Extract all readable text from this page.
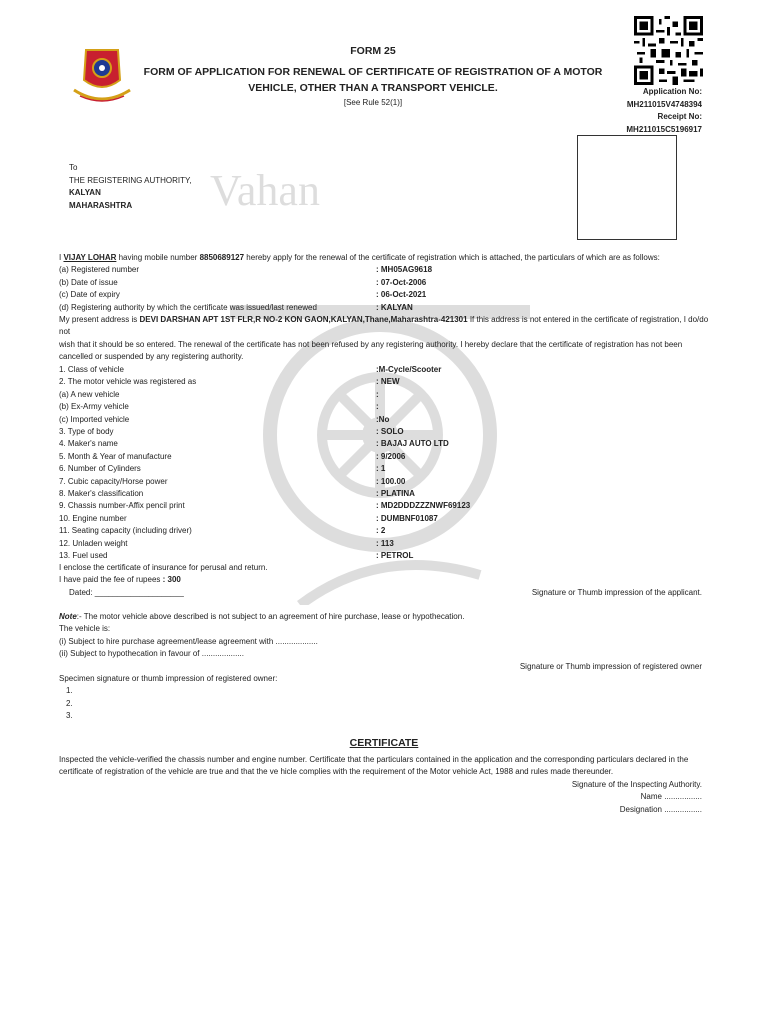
Vahan
FORM 25
FORM OF APPLICATION FOR RENEWAL OF CERTIFICATE OF REGISTRATION OF A MOTOR VEHICLE, OTHER THAN A TRANSPORT VEHICLE.
[See Rule 52(1)]
Application No:
MH211015V4748394
Receipt No:
MH211015C5196917
To
THE REGISTERING AUTHORITY,
KALYAN
MAHARASHTRA
I VIJAY LOHAR having mobile number 8850689127 hereby apply for the renewal of the certificate of registration which is attached, the particulars of which are as follows:
(a) Registered number	: MH05AG9618
(b) Date of issue	: 07-Oct-2006
(c) Date of expiry	: 06-Oct-2021
(d) Registering authority by which the certificate was issued/last renewed	: KALYAN
My present address is DEVI DARSHAN APT 1ST FLR,R NO-2 KON GAON,KALYAN,Thane,Maharashtra-421301 If this address is not entered in the certificate of registration, I do/do not
wish that it should be so entered. The renewal of the certificate has not been refused by any registering authority. I hereby declare that the certificate of registration has not been
cancelled or suspended by any registering authority.
1. Class of vehicle	:M-Cycle/Scooter
2. The motor vehicle was registered as	: NEW
(a) A new vehicle	:
(b) Ex-Army vehicle	:
(c) Imported vehicle	:No
3. Type of body	: SOLO
4. Maker's name	: BAJAJ AUTO LTD
5. Month & Year of manufacture	: 9/2006
6. Number of Cylinders	: 1
7. Cubic capacity/Horse power	: 100.00
8. Maker's classification	: PLATINA
9. Chassis number-Affix pencil print	: MD2DDDZZZNWF69123
10. Engine number	: DUMBNF01087
11. Seating capacity (including driver)	: 2
12. Unladen weight	: 113
13. Fuel used	: PETROL
I enclose the certificate of insurance for perusal and return.
I have paid the fee of rupees : 300
Dated: ____________________	Signature or Thumb impression of the applicant.
Note:- The motor vehicle above described is not subject to an agreement of hire purchase, lease or hypothecation.
The vehicle is:
(i) Subject to hire purchase agreement/lease agreement with ...................
(ii) Subject to hypothecation in favour of ...................
Signature or Thumb impression of registered owner
Specimen signature or thumb impression of registered owner:
1.
2.
3.
CERTIFICATE
Inspected the vehicle-verified the chassis number and engine number. Certificate that the particulars contained in the application and the corresponding particulars declared in the
certificate of registration of the vehicle are true and that the ve hicle complies with the requirement of the Motor vehicle Act, 1988 and rules made thereunder.
Signature of the Inspecting Authority.
Name .................
Designation .................
